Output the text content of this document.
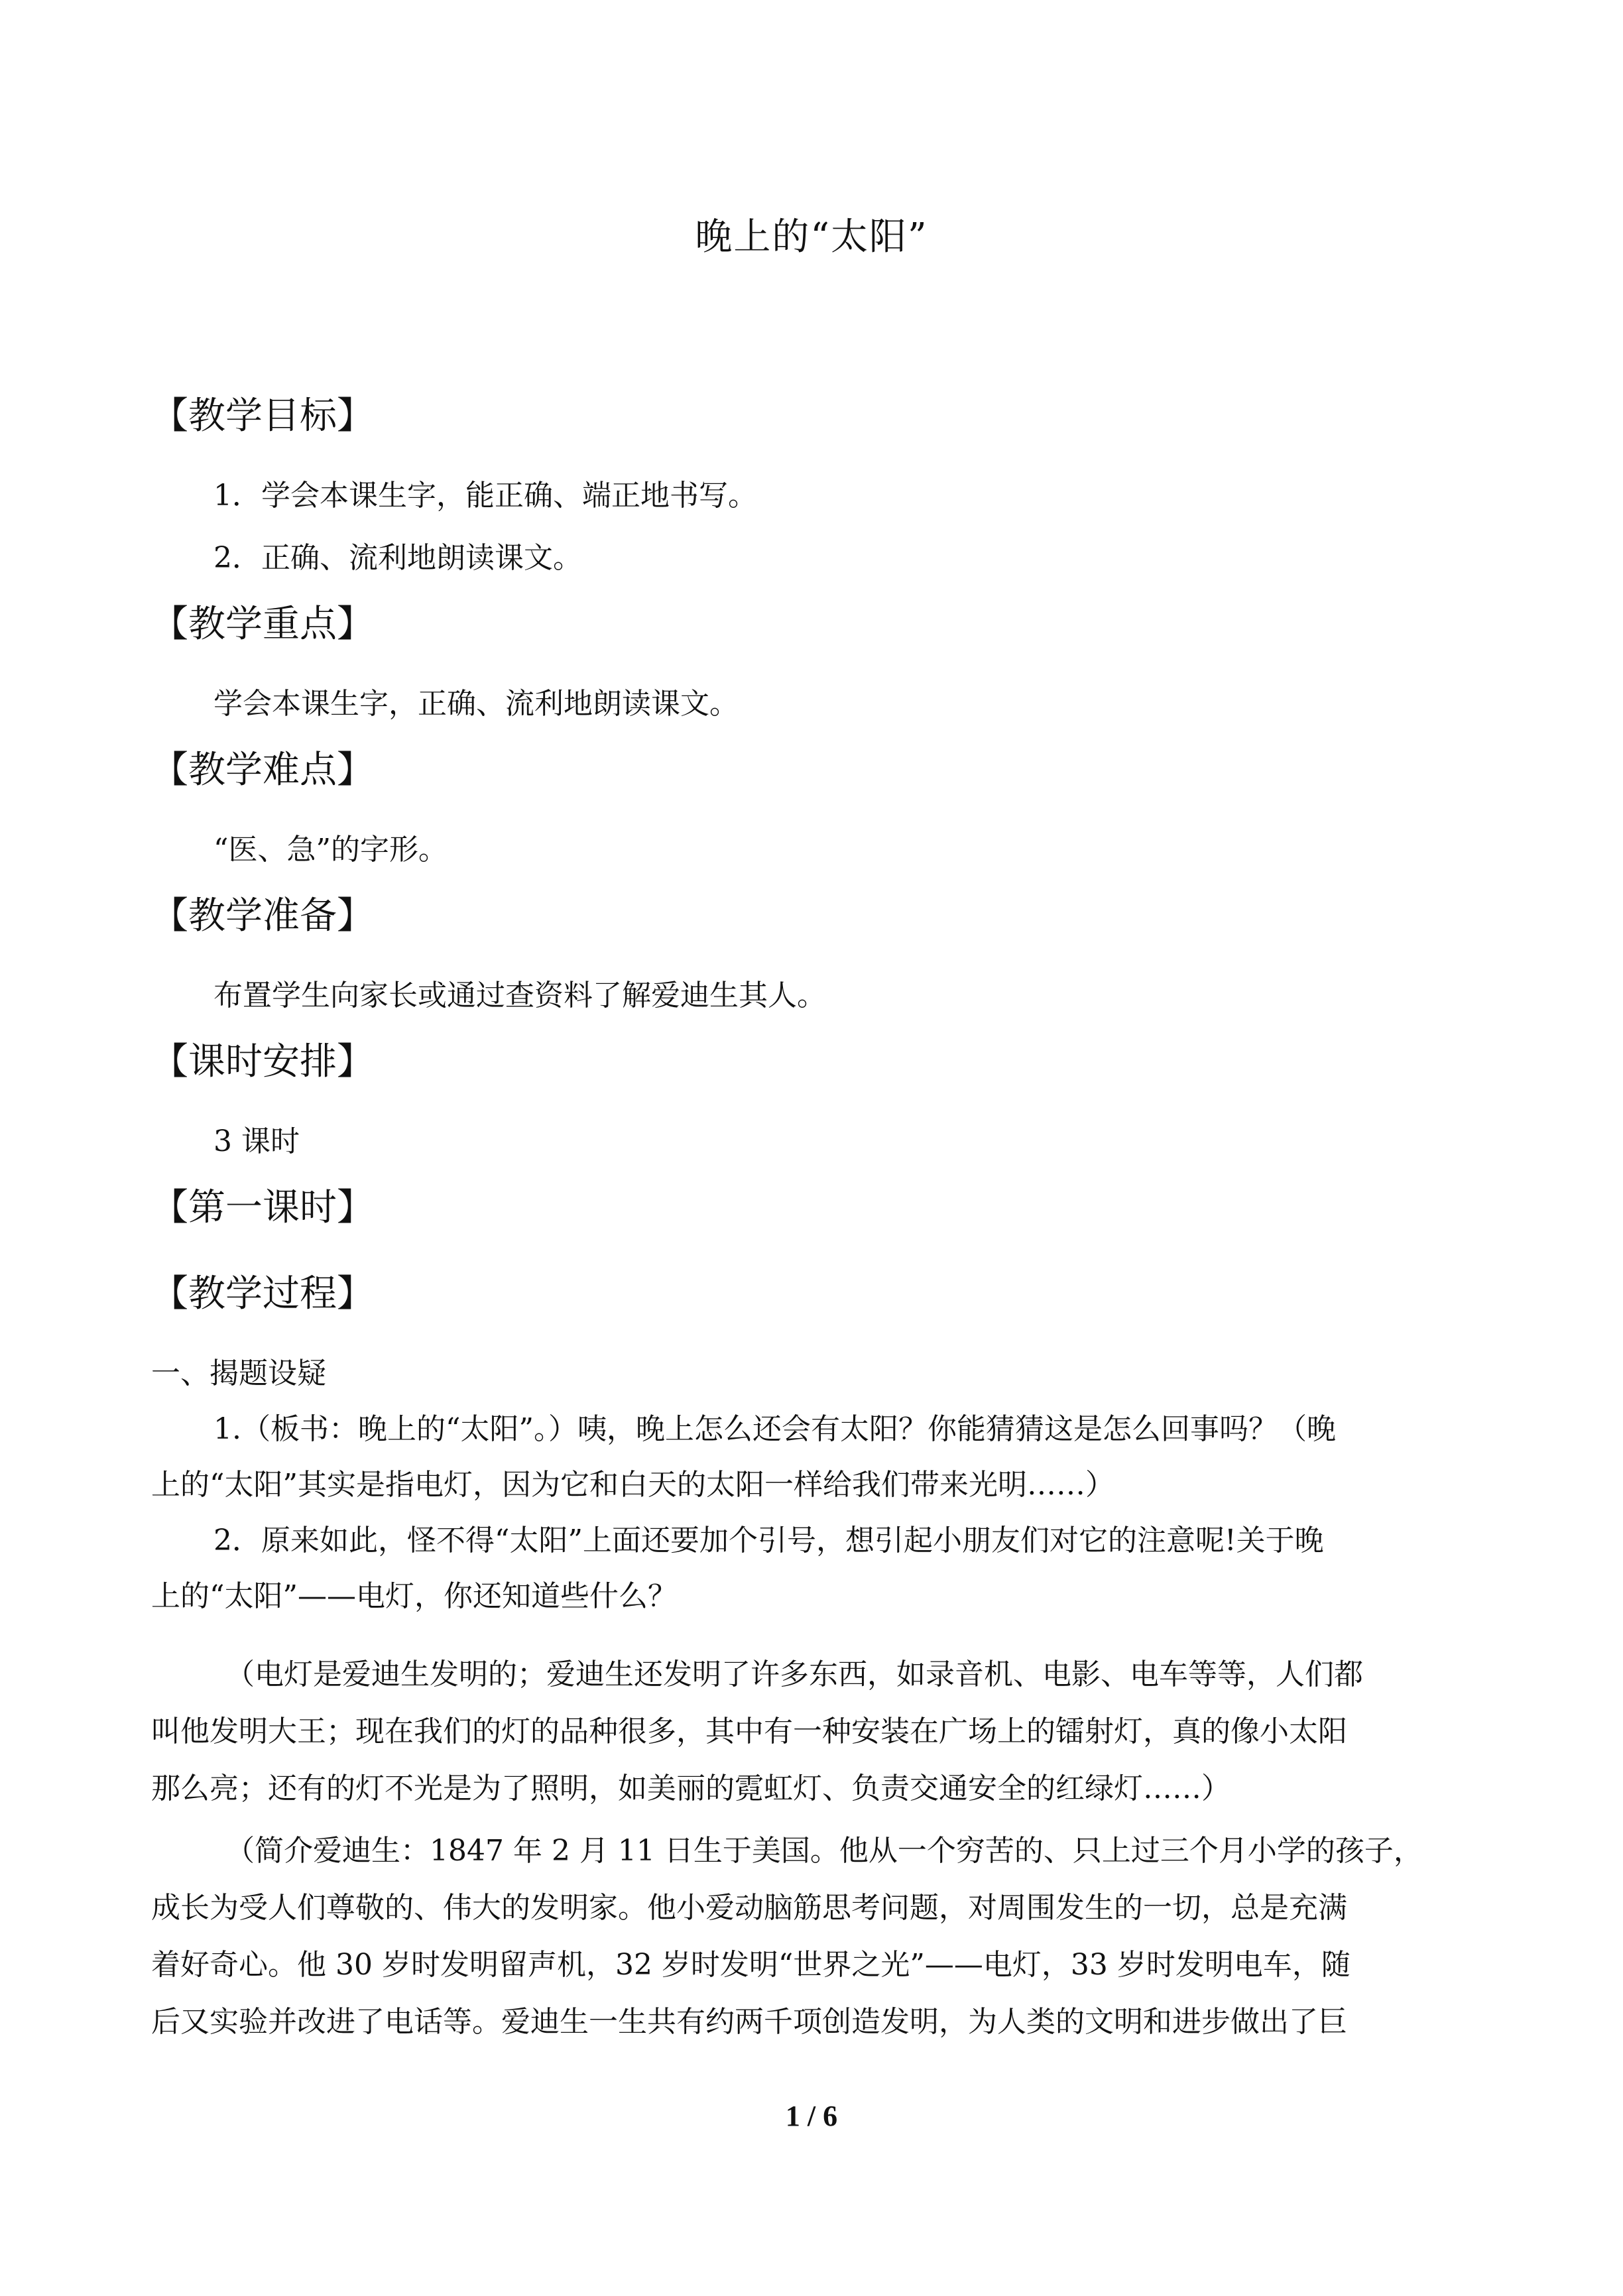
晚上的“太阳”
【教学目标】
1．学会本课生字，能正确、端正地书写。
2．正确、流利地朗读课文。
【教学重点】
学会本课生字，正确、流利地朗读课文。
【教学难点】
“医、急”的字形。
【教学准备】
布置学生向家长或通过查资料了解爱迪生其人。
【课时安排】
3 课时
【第一课时】
【教学过程】
一、揭题设疑
1.（板书：晚上的“太阳”。）咦，晚上怎么还会有太阳？你能猜猜这是怎么回事吗？（晚
上的“太阳”其实是指电灯，因为它和白天的太阳一样给我们带来光明……）
2．原来如此，怪不得“太阳”上面还要加个引号，想引起小朋友们对它的注意呢!关于晚
上的“太阳”——电灯，你还知道些什么？
（电灯是爱迪生发明的；爱迪生还发明了许多东西，如录音机、电影、电车等等，人们都
叫他发明大王；现在我们的灯的品种很多，其中有一种安装在广场上的镭射灯，真的像小太阳
那么亮；还有的灯不光是为了照明，如美丽的霓虹灯、负责交通安全的红绿灯……）
（简介爱迪生：1847 年 2 月 11 日生于美国。他从一个穷苦的、只上过三个月小学的孩子，
成长为受人们尊敬的、伟大的发明家。他小爱动脑筋思考问题，对周围发生的一切，总是充满
着好奇心。他 30 岁时发明留声机，32 岁时发明“世界之光”——电灯，33 岁时发明电车，随
后又实验并改进了电话等。爱迪生一生共有约两千项创造发明，为人类的文明和进步做出了巨
1 / 6
